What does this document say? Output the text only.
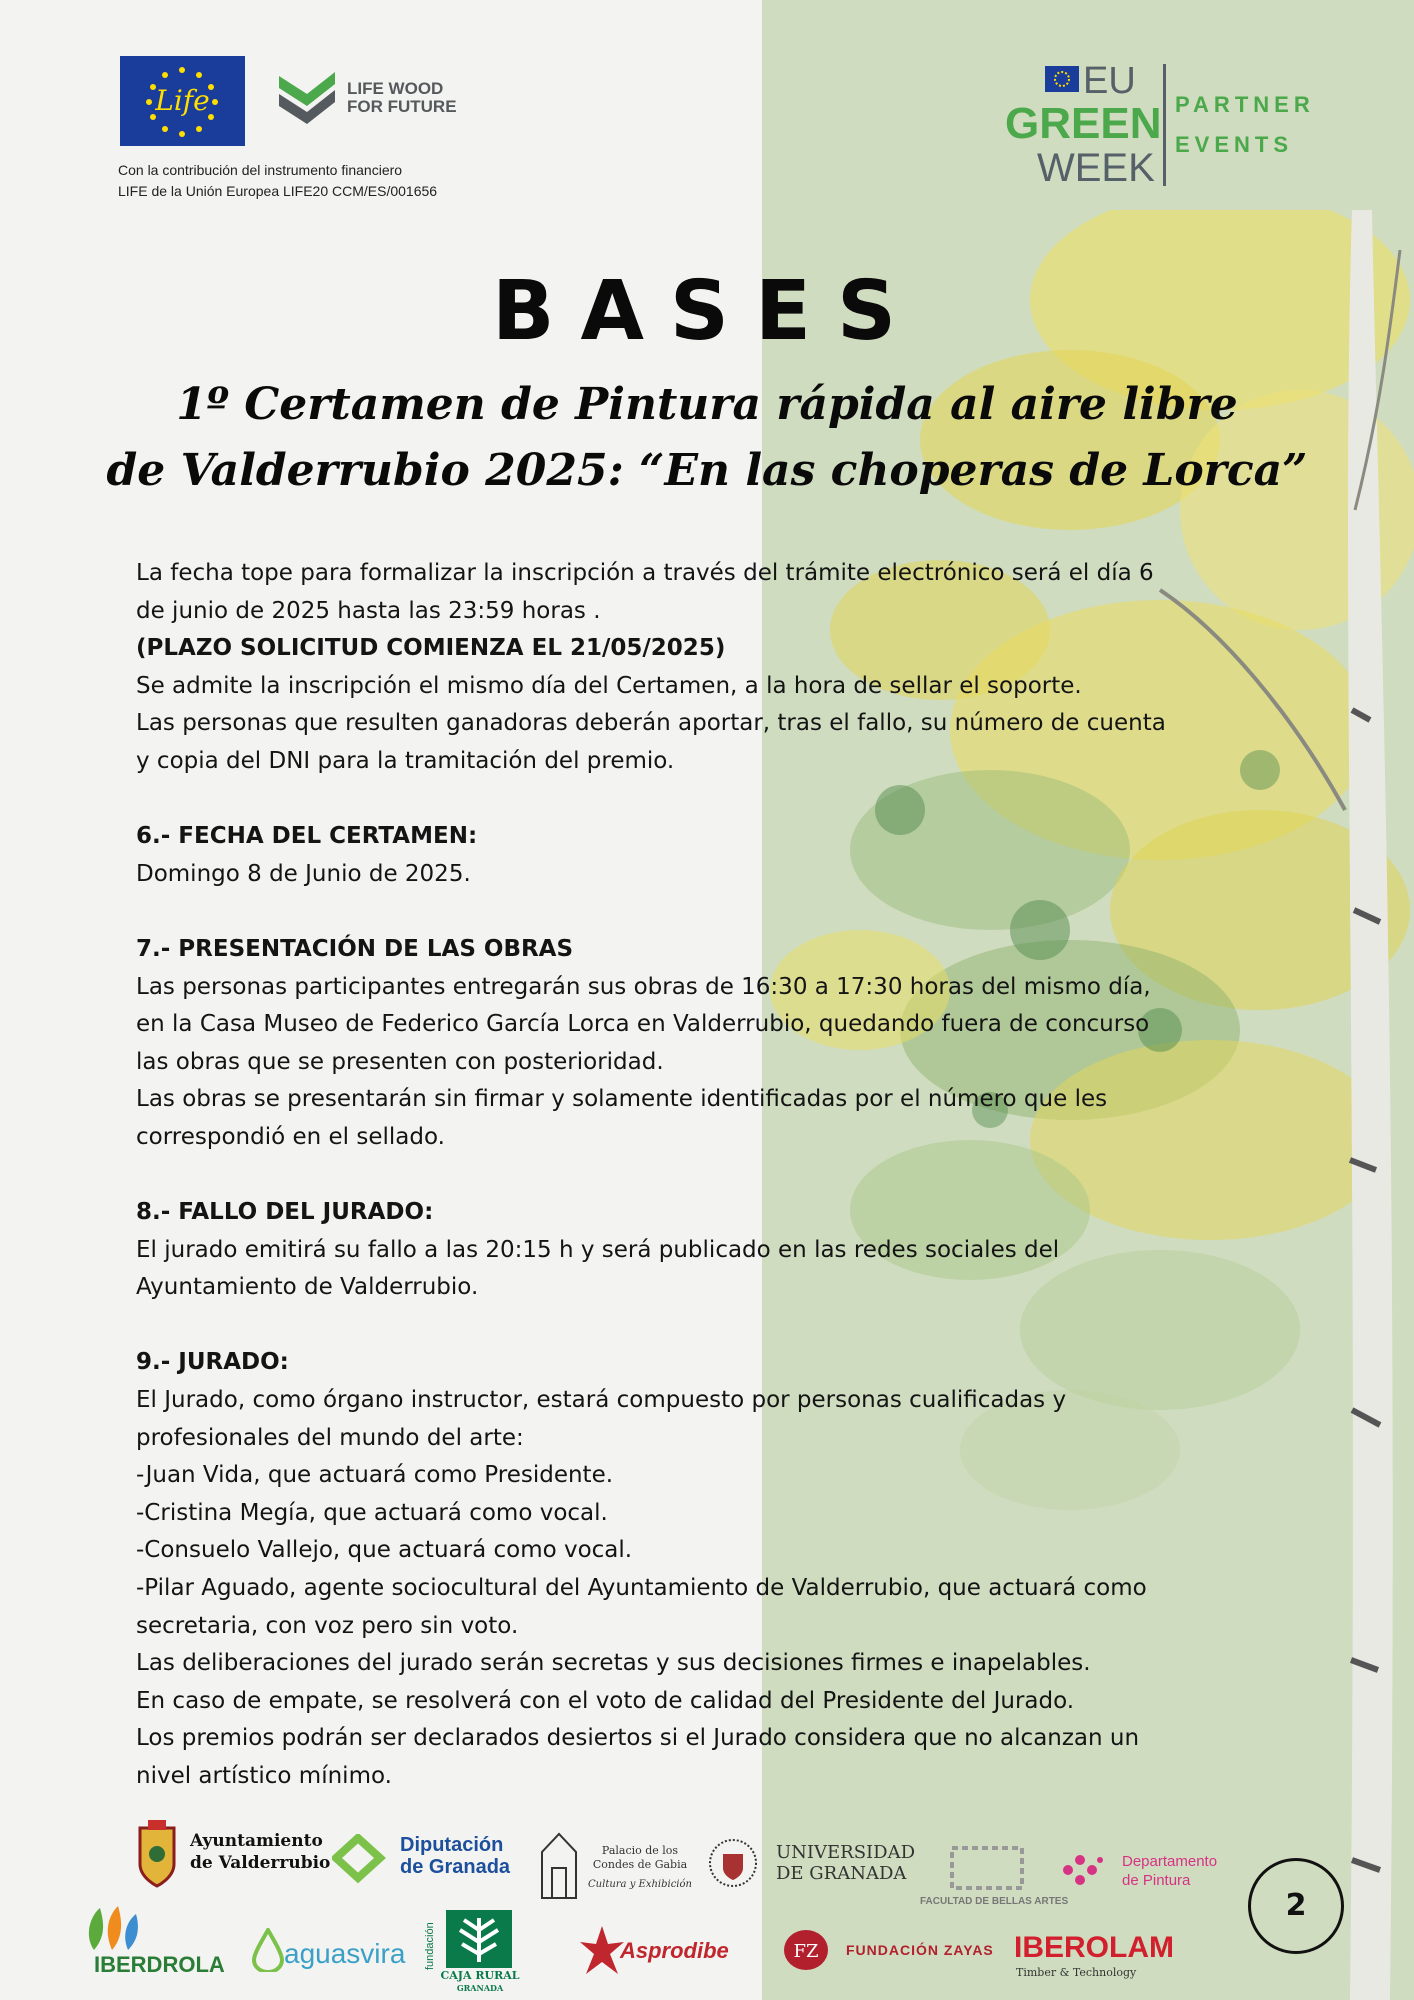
Life	LIFE WOOD
FOR FUTURE
Con la contribución del instrumento financiero
LIFE de la Unión Europea LIFE20 CCM/ES/001656
EU
GREEN
WEEK
PARTNER
EVENTS
BASES
1º Certamen de Pintura rápida al aire libre
de Valderrubio 2025: “En las choperas de Lorca”

La fecha tope para formalizar la inscripción a través del trámite electrónico será el día 6

de junio de 2025 hasta las 23:59 horas .

(PLAZO SOLICITUD COMIENZA EL 21/05/2025)

Se admite la inscripción el mismo día del Certamen, a la hora de sellar el soporte.

Las personas que resulten ganadoras deberán aportar, tras el fallo, su número de cuenta

y copia del DNI para la tramitación del premio.

6.- FECHA DEL CERTAMEN:

Domingo 8 de Junio de 2025.

7.- PRESENTACIÓN DE LAS OBRAS

Las personas participantes entregarán sus obras de 16:30 a 17:30 horas del mismo día,

en la Casa Museo de Federico García Lorca en Valderrubio, quedando fuera de concurso

las obras que se presenten con posterioridad.

Las obras se presentarán sin firmar y solamente identificadas por el número que les

correspondió en el sellado.

8.- FALLO DEL JURADO:

El jurado emitirá su fallo a las 20:15 h y será publicado en las redes sociales del

Ayuntamiento de Valderrubio.

9.- JURADO:

El Jurado, como órgano instructor, estará compuesto por personas cualificadas y

profesionales del mundo del arte:

-Juan Vida, que actuará como Presidente.

-Cristina Megía, que actuará como vocal.

-Consuelo Vallejo, que actuará como vocal.

-Pilar Aguado, agente sociocultural del Ayuntamiento de Valderrubio, que actuará como

secretaria, con voz pero sin voto.

Las deliberaciones del jurado serán secretas y sus decisiones firmes e inapelables.

En caso de empate, se resolverá con el voto de calidad del Presidente del Jurado.

Los premios podrán ser declarados desiertos si el Jurado considera que no alcanzan un

nivel artístico mínimo.

Ayuntamiento
de Valderrubio
Diputación
de Granada
Palacio de los
Condes de Gabia
Cultura y Exhibición
UNIVERSIDAD
DE GRANADA
FACULTAD DE BELLAS ARTES
Departamento
de Pintura
IBERDROLA aguasvira fundación
CAJA RURAL
GRANADA
Asprodibe	FZ FUNDACIÓN ZAYAS IBEROLAM
Timber & Technology
2
